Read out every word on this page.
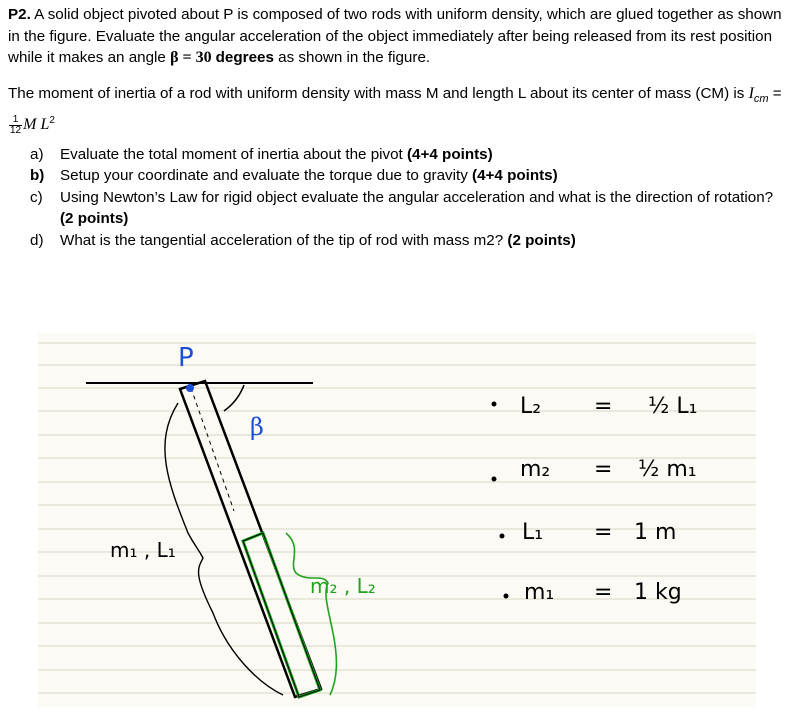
P2. A solid object pivoted about P is composed of two rods with uniform density, which are glued together as shown in the figure. Evaluate the angular acceleration of the object immediately after being released from its rest position while it makes an angle β = 30 degrees as shown in the figure.

The moment of inertia of a rod with uniform density with mass M and length L about its center of mass (CM) is $I_{cm}$ =
$\frac{1}{12}$ M $L^2$

a) Evaluate the total moment of inertia about the pivot (4+4 points)
b) Setup your coordinate and evaluate the torque due to gravity (4+4 points)
c) Using Newton’s Law for rigid object evaluate the angular acceleration and what is the direction of rotation? (2 points)
d) What is the tangential acceleration of the tip of rod with mass m2? (2 points)
P
β
m₁ , L₁
m₂ , L₂
L₂ = ½ L₁
m₂ = ½ m₁
L₁ = 1 m
m₁ = 1 kg
